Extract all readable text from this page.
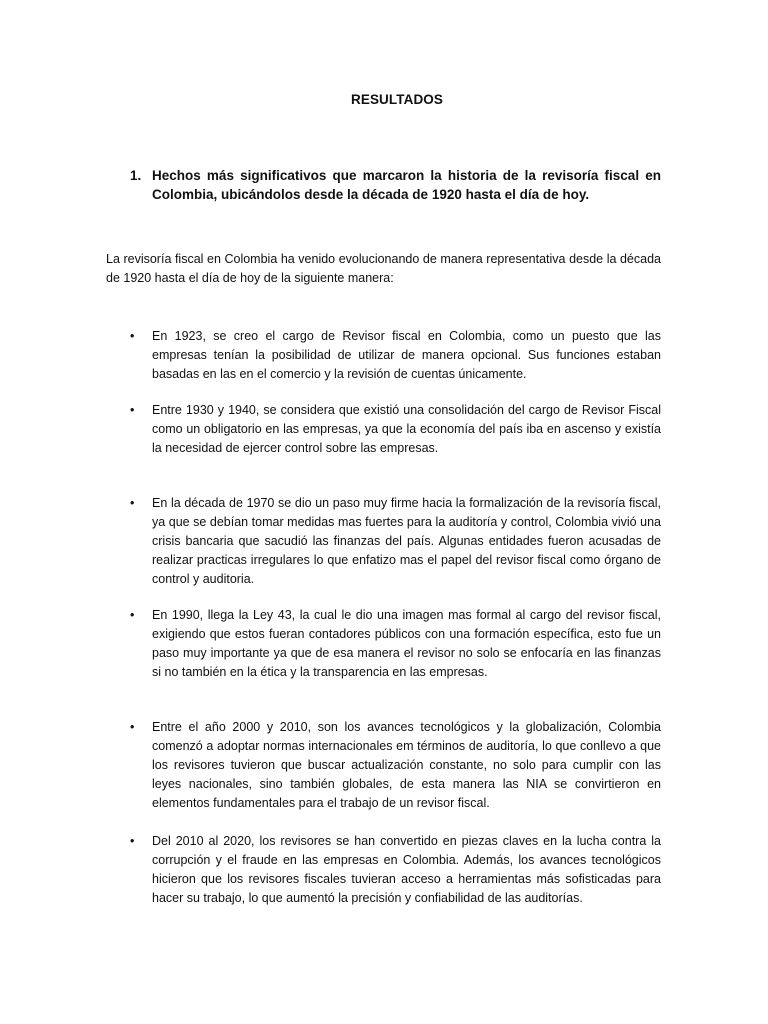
RESULTADOS
1. Hechos más significativos que marcaron la historia de la revisoría fiscal en Colombia, ubicándolos desde la década de 1920 hasta el día de hoy.
La revisoría fiscal en Colombia ha venido evolucionando de manera representativa desde la década de 1920 hasta el día de hoy de la siguiente manera:
•	En 1923, se creo el cargo de Revisor fiscal en Colombia, como un puesto que las empresas tenían la posibilidad de utilizar de manera opcional. Sus funciones estaban basadas en las en el comercio y la revisión de cuentas únicamente.
•	Entre 1930 y 1940, se considera que existió una consolidación del cargo de Revisor Fiscal como un obligatorio en las empresas, ya que la economía del país iba en ascenso y existía la necesidad de ejercer control sobre las empresas.
•	En la década de 1970 se dio un paso muy firme hacia la formalización de la revisoría fiscal, ya que se debían tomar medidas mas fuertes para la auditoría y control, Colombia vivió una crisis bancaria que sacudió las finanzas del país. Algunas entidades fueron acusadas de realizar practicas irregulares lo que enfatizo mas el papel del revisor fiscal como órgano de control y auditoria.
•	En 1990, llega la Ley 43, la cual le dio una imagen mas formal al cargo del revisor fiscal, exigiendo que estos fueran contadores públicos con una formación específica, esto fue un paso muy importante ya que de esa manera el revisor no solo se enfocaría en las finanzas si no también en la ética y la transparencia en las empresas.
•	Entre el año 2000 y 2010, son los avances tecnológicos y la globalización, Colombia comenzó a adoptar normas internacionales em términos de auditoría, lo que conllevo a que los revisores tuvieron que buscar actualización constante, no solo para cumplir con las leyes nacionales, sino también globales, de esta manera las NIA se convirtieron en elementos fundamentales para el trabajo de un revisor fiscal.
•	Del 2010 al 2020, los revisores se han convertido en piezas claves en la lucha contra la corrupción y el fraude en las empresas en Colombia. Además, los avances tecnológicos hicieron que los revisores fiscales tuvieran acceso a herramientas más sofisticadas para hacer su trabajo, lo que aumentó la precisión y confiabilidad de las auditorías.
